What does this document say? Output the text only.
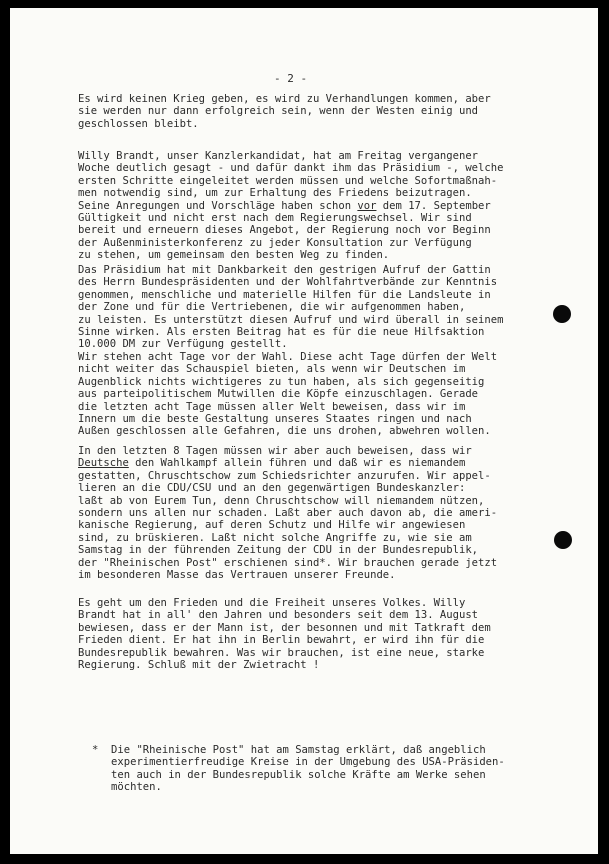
- 2 -
Es wird keinen Krieg geben, es wird zu Verhandlungen kommen, aber
sie werden nur dann erfolgreich sein, wenn der Westen einig und
geschlossen bleibt.
Willy Brandt, unser Kanzlerkandidat, hat am Freitag vergangener
Woche deutlich gesagt - und dafür dankt ihm das Präsidium -, welche
ersten Schritte eingeleitet werden müssen und welche Sofortmaßnah-
men notwendig sind, um zur Erhaltung des Friedens beizutragen.
Seine Anregungen und Vorschläge haben schon vor dem 17. September
Gültigkeit und nicht erst nach dem Regierungswechsel. Wir sind
bereit und erneuern dieses Angebot, der Regierung noch vor Beginn
der Außenministerkonferenz zu jeder Konsultation zur Verfügung
zu stehen, um gemeinsam den besten Weg zu finden.
Das Präsidium hat mit Dankbarkeit den gestrigen Aufruf der Gattin
des Herrn Bundespräsidenten und der Wohlfahrtverbände zur Kenntnis
genommen, menschliche und materielle Hilfen für die Landsleute in
der Zone und für die Vertriebenen, die wir aufgenommen haben,
zu leisten. Es unterstützt diesen Aufruf und wird überall in seinem
Sinne wirken. Als ersten Beitrag hat es für die neue Hilfsaktion
10.000 DM zur Verfügung gestellt.
Wir stehen acht Tage vor der Wahl. Diese acht Tage dürfen der Welt
nicht weiter das Schauspiel bieten, als wenn wir Deutschen im
Augenblick nichts wichtigeres zu tun haben, als sich gegenseitig
aus parteipolitischem Mutwillen die Köpfe einzuschlagen. Gerade
die letzten acht Tage müssen aller Welt beweisen, dass wir im
Innern um die beste Gestaltung unseres Staates ringen und nach
Außen geschlossen alle Gefahren, die uns drohen, abwehren wollen.
In den letzten 8 Tagen müssen wir aber auch beweisen, dass wir
Deutsche den Wahlkampf allein führen und daß wir es niemandem
gestatten, Chruschtschow zum Schiedsrichter anzurufen. Wir appel-
lieren an die CDU/CSU und an den gegenwärtigen Bundeskanzler:
laßt ab von Eurem Tun, denn Chruschtschow will niemandem nützen,
sondern uns allen nur schaden. Laßt aber auch davon ab, die ameri-
kanische Regierung, auf deren Schutz und Hilfe wir angewiesen
sind, zu brüskieren. Laßt nicht solche Angriffe zu, wie sie am
Samstag in der führenden Zeitung der CDU in der Bundesrepublik,
der "Rheinischen Post" erschienen sind*. Wir brauchen gerade jetzt
im besonderen Masse das Vertrauen unserer Freunde.
Es geht um den Frieden und die Freiheit unseres Volkes. Willy
Brandt hat in all' den Jahren und besonders seit dem 13. August
bewiesen, dass er der Mann ist, der besonnen und mit Tatkraft dem
Frieden dient. Er hat ihn in Berlin bewahrt, er wird ihn für die
Bundesrepublik bewahren. Was wir brauchen, ist eine neue, starke
Regierung. Schluß mit der Zwietracht !
*  Die "Rheinische Post" hat am Samstag erklärt, daß angeblich
experimentierfreudige Kreise in der Umgebung des USA-Präsiden-
ten auch in der Bundesrepublik solche Kräfte am Werke sehen
möchten.
